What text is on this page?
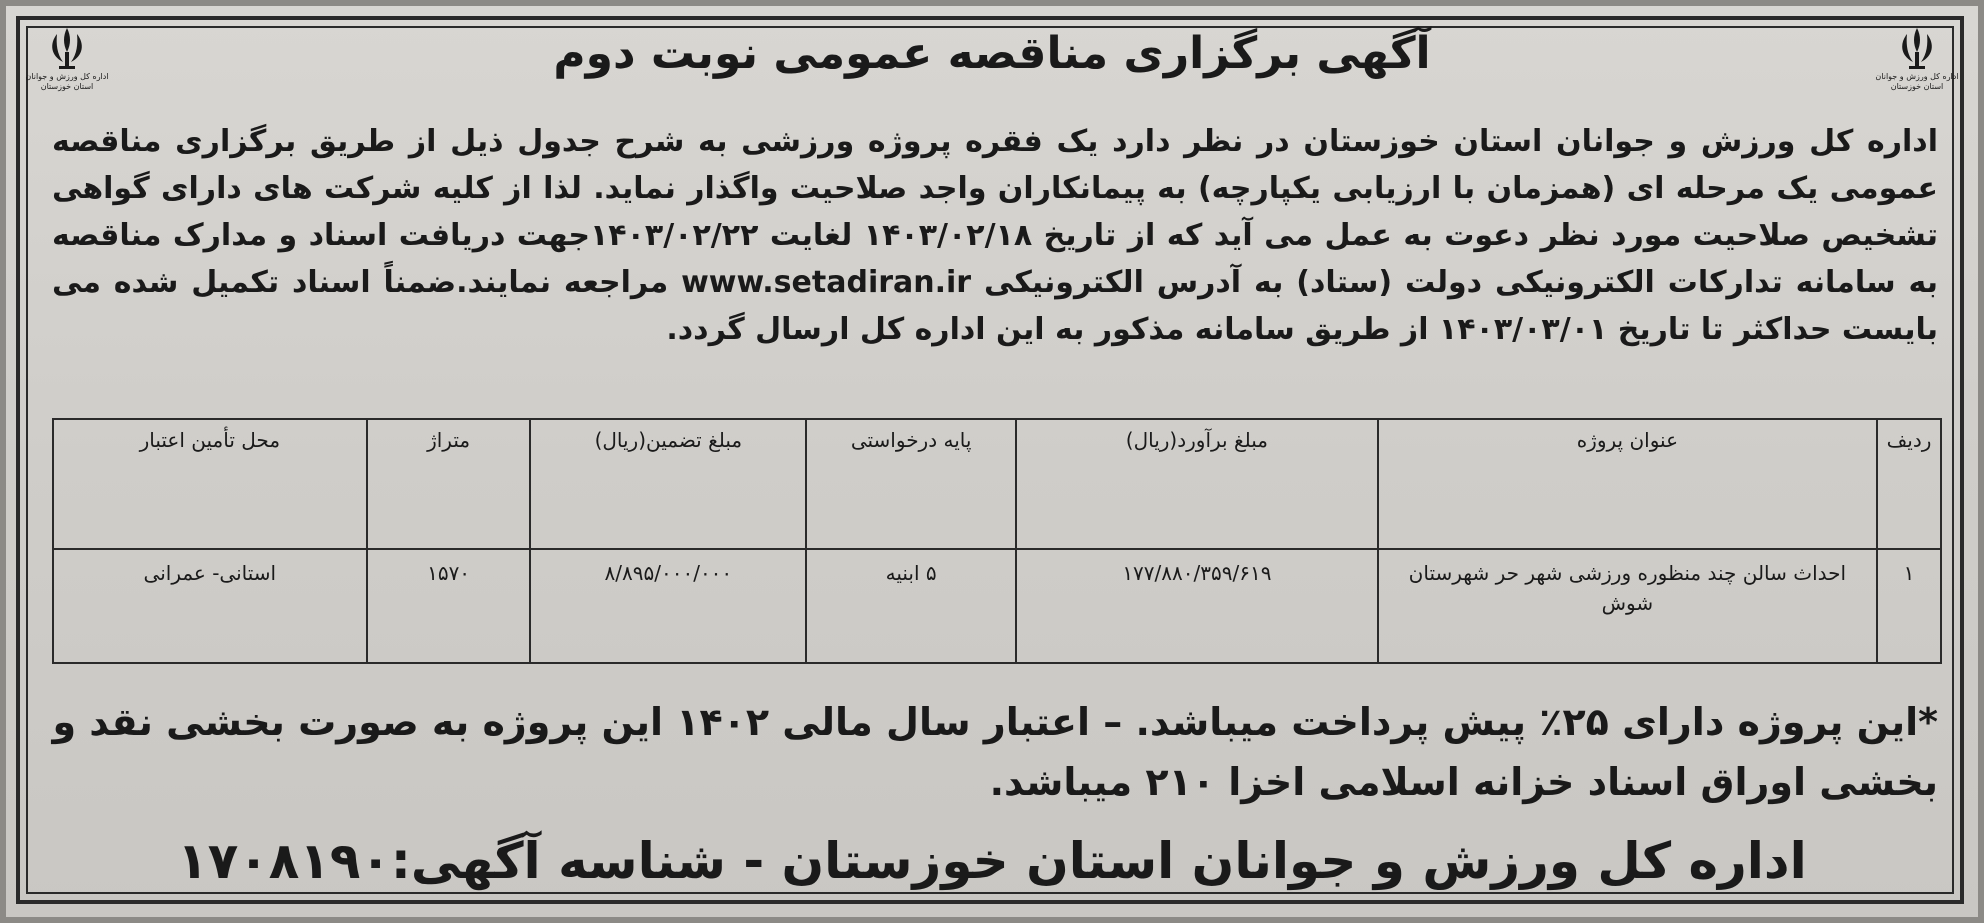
اداره کل ورزش و جوانان استان خوزستان
اداره کل ورزش و جوانان استان خوزستان
آگهی برگزاری مناقصه عمومی نوبت دوم
اداره کل ورزش و جوانان استان خوزستان در نظر دارد یک فقره پروژه ورزشی به شرح جدول ذیل از طریق برگزاری مناقصه عمومی یک مرحله ای (همزمان با ارزیابی یکپارچه) به پیمانکاران واجد صلاحیت واگذار نماید. لذا از کلیه شرکت های دارای گواهی تشخیص صلاحیت مورد نظر دعوت به عمل می آید که از تاریخ ۱۴۰۳/۰۲/۱۸ لغایت ۱۴۰۳/۰۲/۲۲جهت دریافت اسناد و مدارک مناقصه به سامانه تدارکات الکترونیکی دولت (ستاد) به آدرس الکترونیکی www.setadiran.ir مراجعه نمایند.ضمناً اسناد تکمیل شده می بایست حداکثر تا تاریخ ۱۴۰۳/۰۳/۰۱ از طریق سامانه مذکور به این اداره کل ارسال گردد.
ردیف	عنوان پروژه	مبلغ برآورد(ریال)	پایه درخواستی	مبلغ تضمین(ریال)	متراژ	محل تأمین اعتبار
۱	احداث سالن چند منظوره ورزشی شهر حر شهرستان شوش	۱۷۷/۸۸۰/۳۵۹/۶۱۹	۵ ابنیه	۸/۸۹۵/۰۰۰/۰۰۰	۱۵۷۰	استانی- عمرانی
*این پروژه دارای ۲۵٪ پیش پرداخت میباشد. – اعتبار سال مالی ۱۴۰۲ این پروژه به صورت بخشی نقد و بخشی اوراق اسناد خزانه اسلامی اخزا ۲۱۰ میباشد.
اداره کل ورزش و جوانان استان خوزستان - شناسه آگهی:۱۷۰۸۱۹۰
